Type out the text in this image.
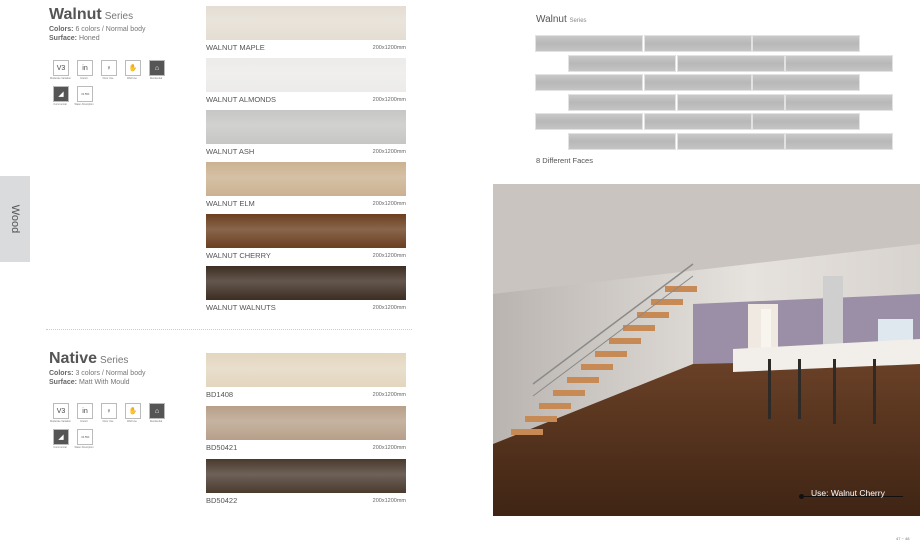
Wood
Walnut Series
Colors: 6 colors / Normal body
Surface: Honed
V3
Moderate Variation
in
Interior
♀
Floor Use
✋
Wall Use
⌂
Residential
◢
Commercial
<0.5%
Water Absorption
WALNUT MAPLE	200x1200mm
WALNUT ALMONDS	200x1200mm
WALNUT ASH	200x1200mm
WALNUT ELM	200x1200mm
WALNUT CHERRY	200x1200mm
WALNUT WALNUTS	200x1200mm
Native Series
Colors: 3 colors / Normal body
Surface: Matt With Mould
V3
Moderate Variation
in
Interior
♀
Floor Use
✋
Wall Use
⌂
Residential
◢
Commercial
<0.5%
Water Absorption
BD1408	200x1200mm
BD50421	200x1200mm
BD50422	200x1200mm
Walnut Series
8 Different Faces
Use: Walnut Cherry
47 ~ 48
